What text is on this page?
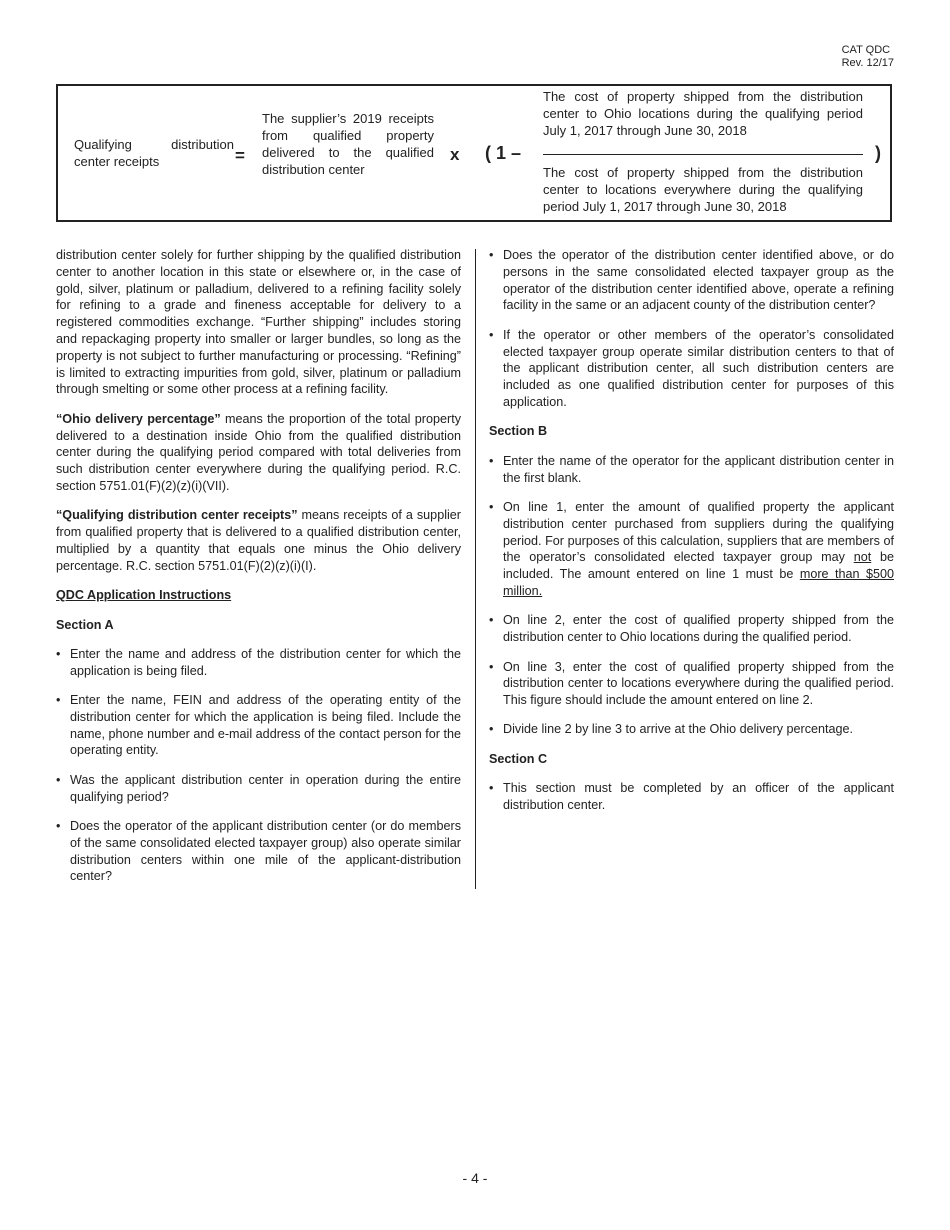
CAT QDC
Rev. 12/17
Qualifying distribution center receipts	=
The supplier’s 2019 receipts from qualified property delivered to the qualified distribution center
x ( 1 –
The cost of property shipped from the distribution center to Ohio locations during the qualifying period July 1, 2017 through June 30, 2018
The cost of property shipped from the distribution center to locations everywhere during the qualifying period July 1, 2017 through June 30, 2018
)

distribution center solely for further shipping by the qualified distribution center to another location in this state or elsewhere or, in the case of gold, silver, platinum or palladium, delivered to a refining facility solely for refining to a grade and fineness acceptable for delivery to a registered commodities exchange. “Further shipping” includes storing and repackaging property into smaller or larger bundles, so long as the property is not subject to further manufacturing or processing. “Refining” is limited to extracting impurities from gold, silver, platinum or palladium through smelting or some other process at a refining facility.

“Ohio delivery percentage” means the proportion of the total property delivered to a destination inside Ohio from the qualified distribution center during the qualifying period compared with total deliveries from such distribution center everywhere during the qualifying period. R.C. section 5751.01(F)(2)(z)(i)(VII).

“Qualifying distribution center receipts” means receipts of a supplier from qualified property that is delivered to a qualified distribution center, multiplied by a quantity that equals one minus the Ohio delivery percentage. R.C. section 5751.01(F)(2)(z)(i)(I).

QDC Application Instructions
Section A
• Enter the name and address of the distribution center for which the application is being filed.
• Enter the name, FEIN and address of the operating entity of the distribution center for which the application is being filed. Include the name, phone number and e-mail address of the contact person for the operating entity.
• Was the applicant distribution center in operation during the entire qualifying period?
• Does the operator of the applicant distribution center (or do members of the same consolidated elected taxpayer group) also operate similar distribution centers within one mile of the applicant-distribution center?
• Does the operator of the distribution center identified above, or do persons in the same consolidated elected taxpayer group as the operator of the distribution center identified above, operate a refining facility in the same or an adjacent county of the distribution center?
• If the operator or other members of the operator’s consolidated elected taxpayer group operate similar distribution centers to that of the applicant distribution center, all such distribution centers are included as one qualified distribution center for purposes of this application.
Section B
• Enter the name of the operator for the applicant distribution center in the first blank.
• On line 1, enter the amount of qualified property the applicant distribution center purchased from suppliers during the qualifying period. For purposes of this calculation, suppliers that are members of the operator’s consolidated elected taxpayer group may not be included. The amount entered on line 1 must be more than $500 million.
• On line 2, enter the cost of qualified property shipped from the distribution center to Ohio locations during the qualified period.
• On line 3, enter the cost of qualified property shipped from the distribution center to locations everywhere during the qualified period. This figure should include the amount entered on line 2.
• Divide line 2 by line 3 to arrive at the Ohio delivery percentage.
Section C
• This section must be completed by an officer of the applicant distribution center.
- 4 -
